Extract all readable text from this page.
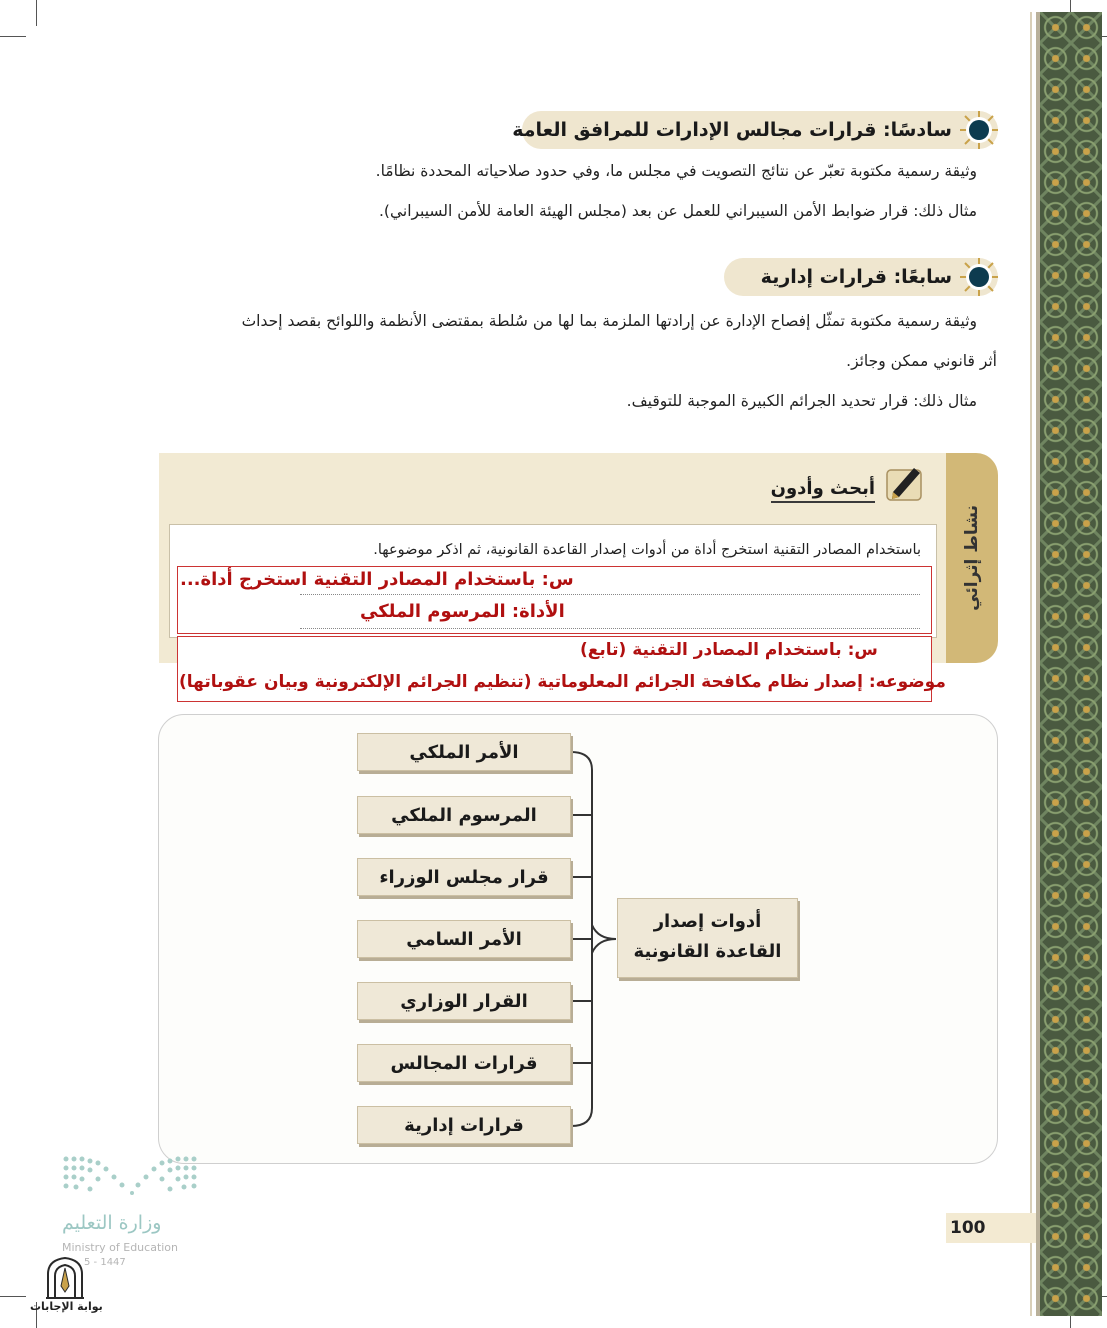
سادسًا: قرارات مجالس الإدارات للمرافق العامة
وثيقة رسمية مكتوبة تعبّر عن نتائج التصويت في مجلس ما، وفي حدود صلاحياته المحددة نظامًا.
مثال ذلك: قرار ضوابط الأمن السيبراني للعمل عن بعد (مجلس الهيئة العامة للأمن السيبراني).
سابعًا: قرارات إدارية
وثيقة رسمية مكتوبة تمثّل إفصاح الإدارة عن إرادتها الملزمة بما لها من سُلطة بمقتضى الأنظمة واللوائح بقصد إحداث
أثر قانوني ممكن وجائز.
مثال ذلك: قرار تحديد الجرائم الكبيرة الموجبة للتوقيف.
نشاط إثرائي
أبحث وأدون
باستخدام المصادر التقنية استخرج أداة من أدوات إصدار القاعدة القانونية، ثم اذكر موضوعها.
س: باستخدام المصادر التقنية استخرج أداة...
الأداة: المرسوم الملكي
س: باستخدام المصادر التقنية (تابع)
موضوعه: إصدار نظام مكافحة الجرائم المعلوماتية (تنظيم الجرائم الإلكترونية وبيان عقوباتها)
الأمر الملكي
المرسوم الملكي
قرار مجلس الوزراء
الأمر السامي
القرار الوزاري
قرارات المجالس
قرارات إدارية
أدوات إصدار
القاعدة القانونية
وزارة التعليم
Ministry of Education
5 - 1447
بوابة الإجابات
100
